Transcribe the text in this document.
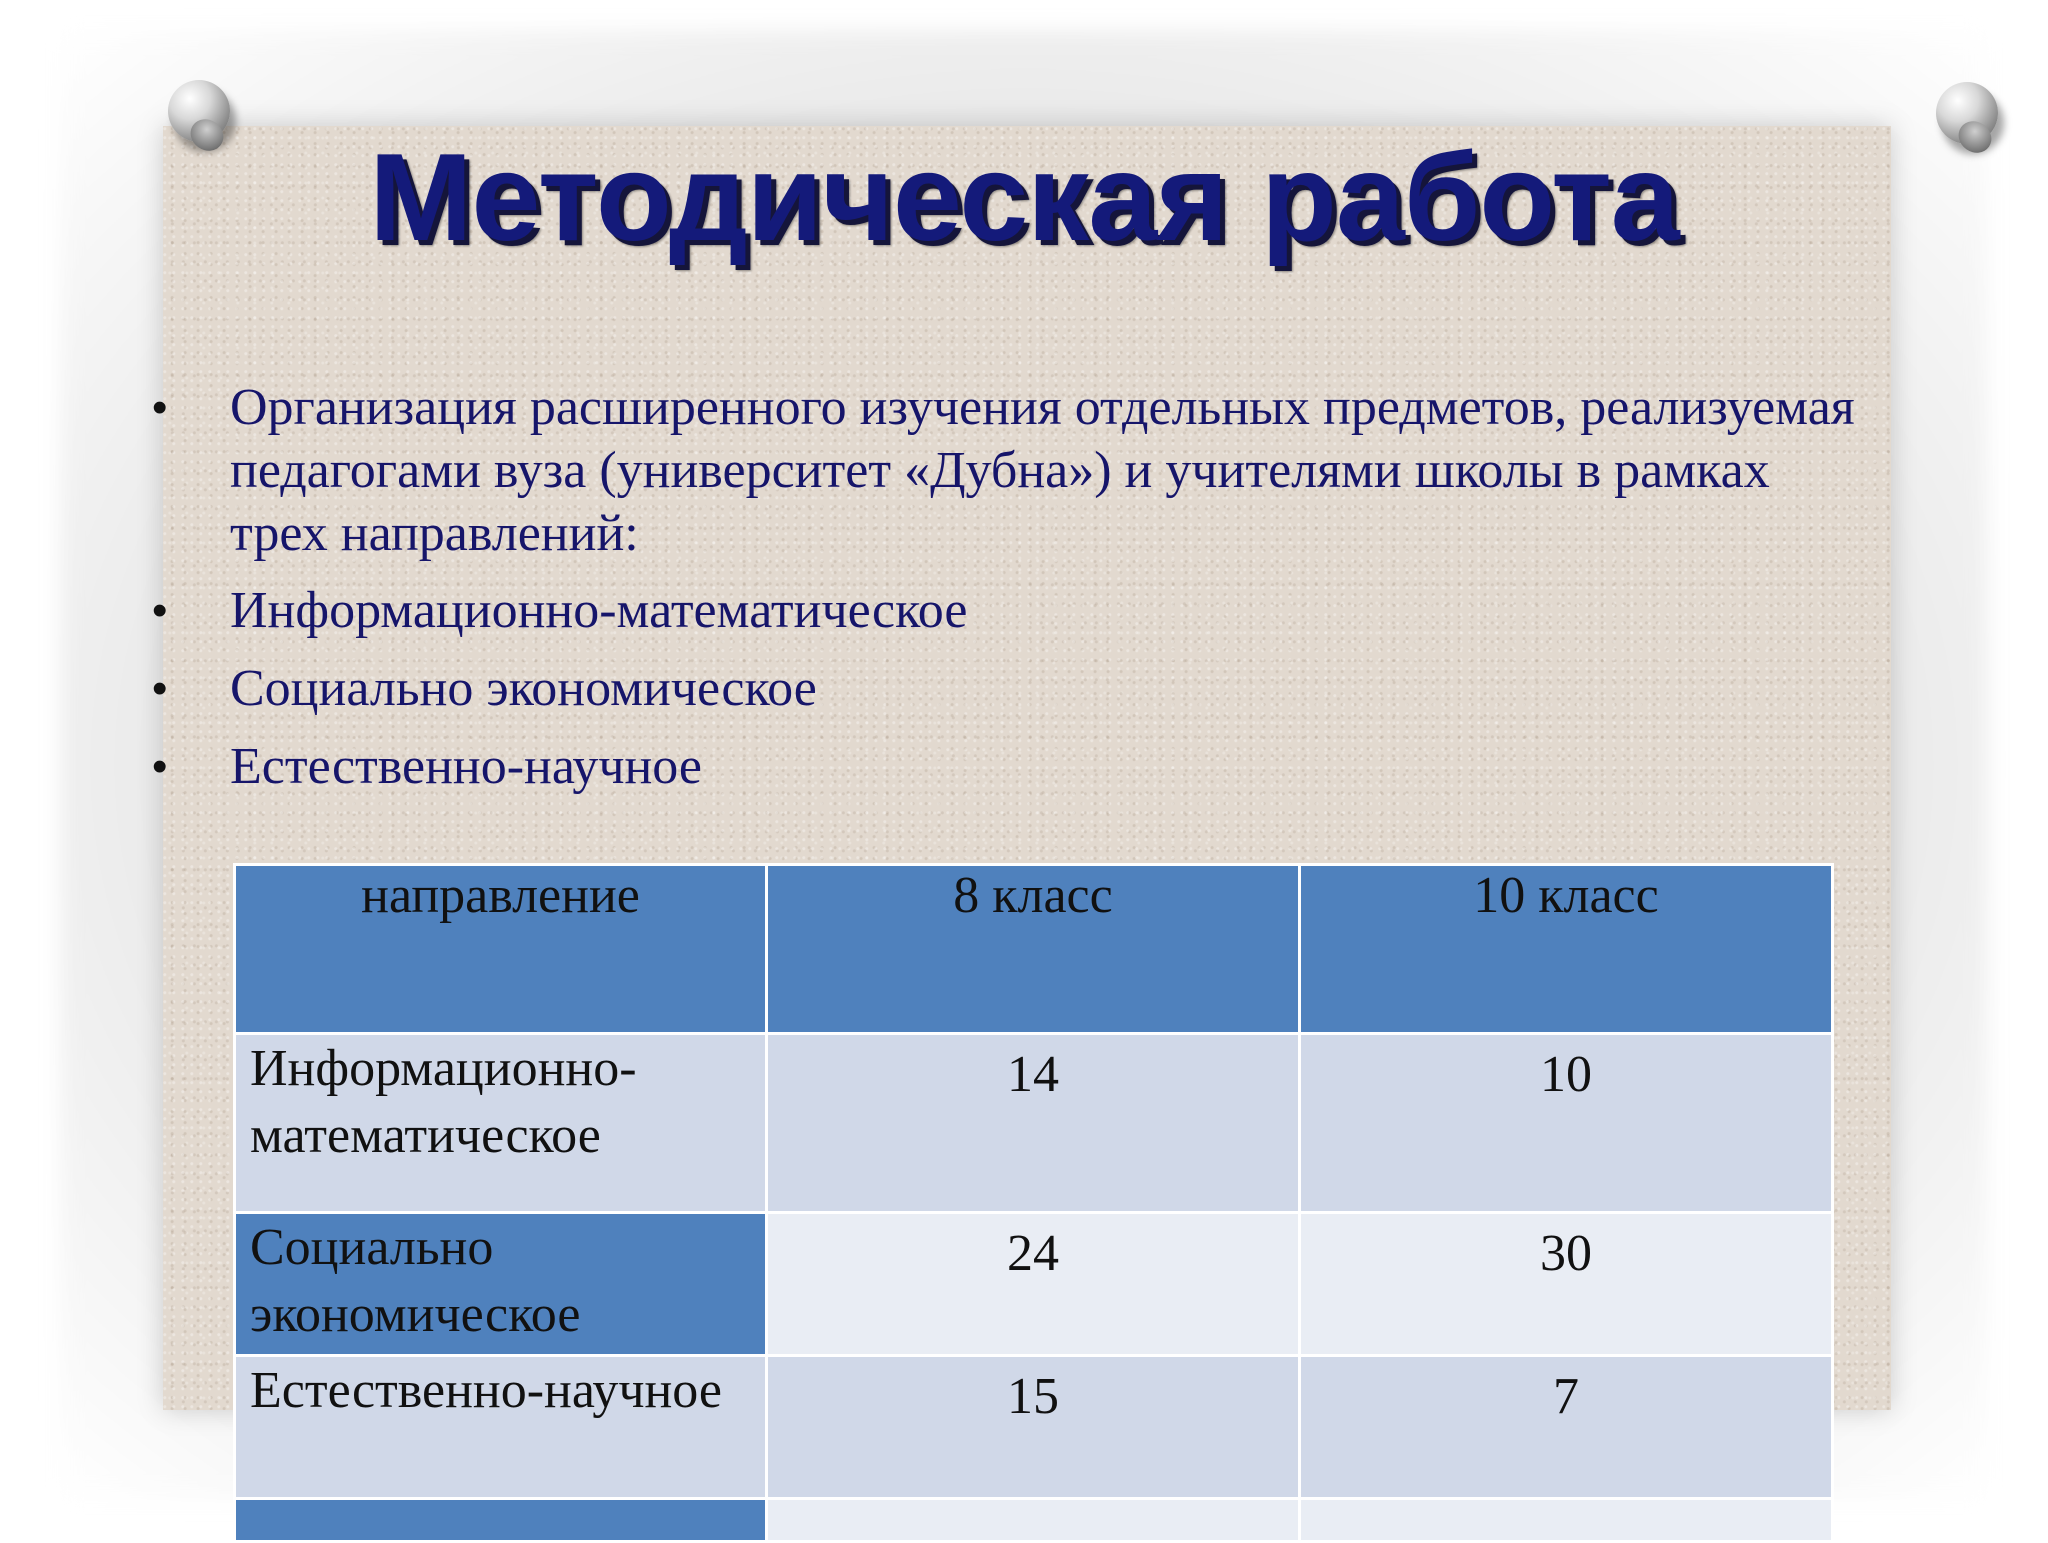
Методическая работа
• Организация расширенного изучения отдельных предметов, реализуемая педагогами вуза (университет «Дубна») и учителями школы в рамках трех направлений:
• Информационно-математическое
• Социально экономическое
• Естественно-научное
направление	8 класс	10 класс
Информационно-математическое	14	10
Социально экономическое	24	30
Естественно-научное	15	7
